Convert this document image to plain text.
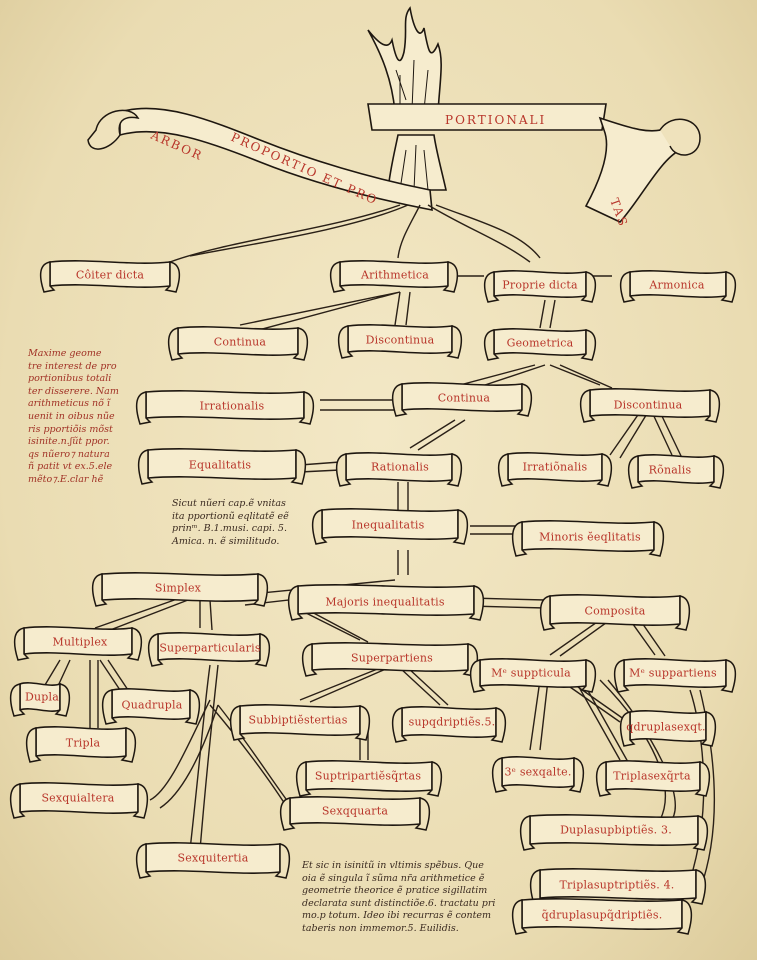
ARBOR PROPORTIO ET PRO
PORTIONALI
TAS
Côiter dicta	Arithmetica
Proprie dicta	Armonica
Continua	Discontinua	Geometrica
Irrationalis
Continua
Discontinua
Equalitatis	Rationalis	Irratiõnalis	Rõnalis
Inequalitatis
Minoris ĕeqlitatis
Simplex
Majoris inequalitatis
Composita
Multiplex	Superparticularis
Superpartiens
Mᵉ suppticula	Mᵉ suppartiens
Dupla
Quadrupla
Subbiptiĕstertias	supqdriptiẽs.5.	qdruplasexqt.
Tripla
Suptripartiĕsq̃rtas	3ᵉ sexqalte.	Triplasexq̃rta
Sexquialtera
Sexqquarta
Duplasupbiptiẽs. 3.
Sexquitertia
Triplasuptriptiẽs. 4.
q̃druplasupq̃driptiẽs.
Maxime geome
tre interest de pro
portionibus totali
ter disserere. Nam
arithmeticus nõ ĩ
uenit in oibus nũe
ris pportiõis mõst
isinite.n.ʃũt ppor.
qs nũero⁊ natura
ñ patit vt ex.5.ele
mẽto⁊.E.clar hẽ
Sicut nũeri cap.ẽ vnitas
ita pportionũ eqlitatẽ eẽ
prinᵐ. B.1.musi. capi. 5.
Amica. n. ẽ similitudo.
Et sic in isinitũ in vltimis spẽbus. Que
oia ẽ singula ĩ sũma nr̃a arithmetice ẽ
geometrie theorice ẽ pratice sigillatim
declarata sunt distinctiõe.6. tractatu pri
mo.p totum. Ideo ibi recurras ẽ contem
taberis non immemor.5. Euilidis.
